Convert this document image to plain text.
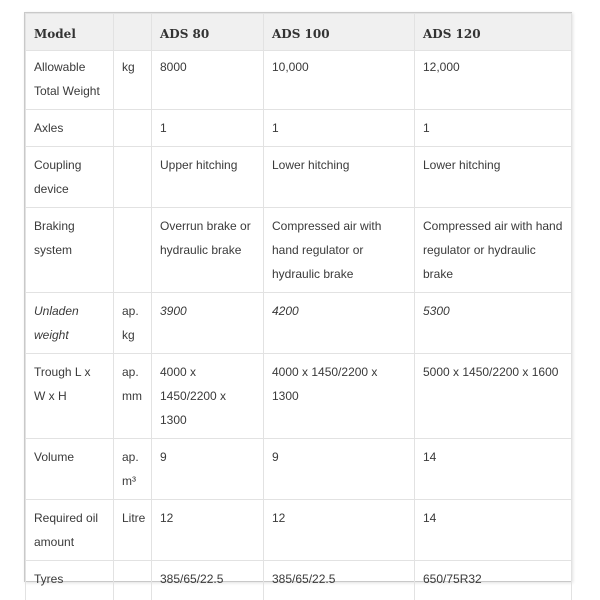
Model		ADS 80	ADS 100	ADS 120
Allowable Total Weight	kg	8000	10,000	12,000
Axles		1	1	1
Coupling device		Upper hitching	Lower hitching	Lower hitching
Braking system		Overrun brake or hydraulic brake	Compressed air with hand regulator or hydraulic brake	Compressed air with hand regulator or hydraulic brake
Unladen weight	ap. kg	3900	4200	5300
Trough L x W x H	ap. mm	4000 x 1450/2200 x 1300	4000 x 1450/2200 x 1300	5000 x 1450/2200 x 1600
Volume	ap. m³	9	9	14
Required oil amount	Litre	12	12	14
Tyres		385/65/22.5	385/65/22.5	650/75R32
